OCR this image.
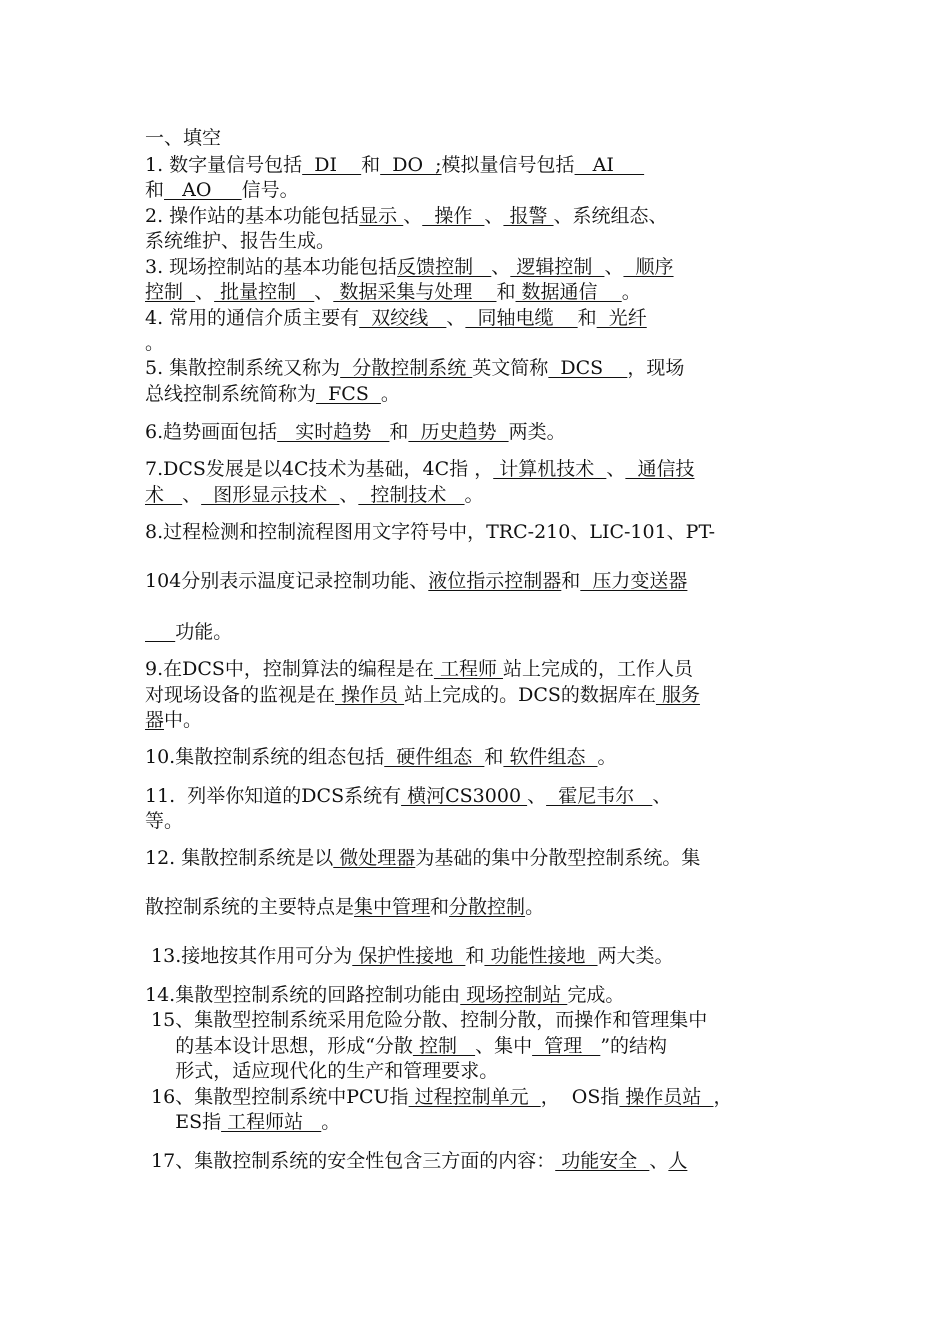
一、填空
1. 数字量信号包括  DI    和  DO  ;模拟量信号包括   AI
和   AO     信号。
2. 操作站的基本功能包括显示 、  操作  、 报警 、系统组态、
系统维护、报告生成。
3. 现场控制站的基本功能包括反馈控制   、 逻辑控制  、  顺序
控制  、 批量控制   、 数据采集与处理    和 数据通信    。
4. 常用的通信介质主要有  双绞线   、  同轴电缆    和  光纤
。
5. 集散控制系统又称为  分散控制系统 英文简称  DCS    ，现场
总线控制系统简称为  FCS  。
6.趋势画面包括   实时趋势   和  历史趋势  两类。
7.DCS发展是以4C技术为基础，4C指 ， 计算机技术  、  通信技
术   、  图形显示技术  、  控制技术   。
8.过程检测和控制流程图用文字符号中，TRC-210、LIC-101、PT-
104分别表示温度记录控制功能、液位指示控制器和  压力变送器
功能。
9.在DCS中，控制算法的编程是在 工程师 站上完成的，工作人员
对现场设备的监视是在 操作员 站上完成的。DCS的数据库在 服务
器中。
10.集散控制系统的组态包括  硬件组态  和 软件组态  。
11.  列举你知道的DCS系统有 横河CS3000 、  霍尼韦尔   、
等。
12. 集散控制系统是以 微处理器为基础的集中分散型控制系统。集
散控制系统的主要特点是集中管理和分散控制。
13.接地按其作用可分为 保护性接地  和 功能性接地  两大类。
14.集散型控制系统的回路控制功能由 现场控制站 完成。
15、集散型控制系统采用危险分散、控制分散，而操作和管理集中
的基本设计思想，形成“分散 控制   、集中  管理   ”的结构
形式，适应现代化的生产和管理要求。
16、集散型控制系统中PCU指 过程控制单元  ，  OS指 操作员站  ，
ES指 工程师站   。
17、集散控制系统的安全性包含三方面的内容： 功能安全  、人
